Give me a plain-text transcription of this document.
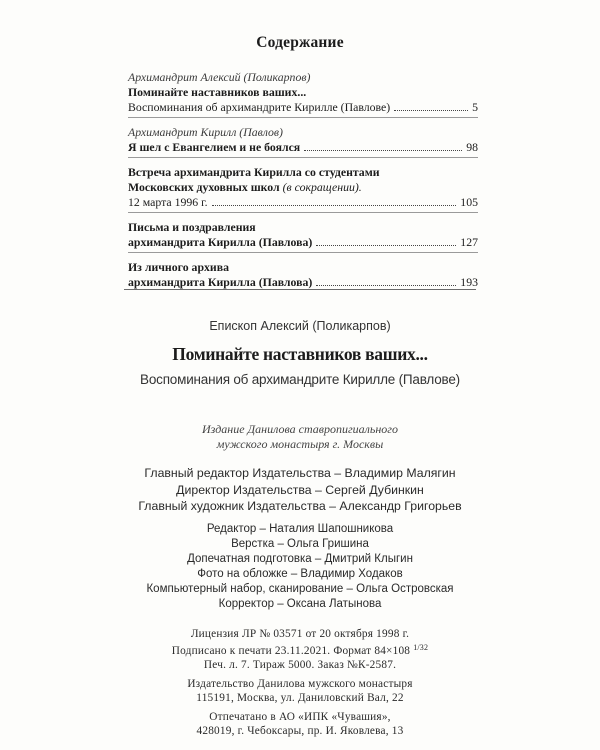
Содержание
Архимандрит Алексий (Поликарпов)
Поминайте наставников ваших...
Воспоминания об архимандрите Кирилле (Павлове)	5
Архимандрит Кирилл (Павлов)
Я шел с Евангелием и не боялся	98
Встреча архимандрита Кирилла со студентами
Московских духовных школ (в сокращении).
12 марта 1996 г.	105
Письма и поздравления
архимандрита Кирилла (Павлова)	127
Из личного архива
архимандрита Кирилла (Павлова)	193
Епископ Алексий (Поликарпов)
Поминайте наставников ваших...
Воспоминания об архимандрите Кирилле (Павлове)
Издание Данилова ставропигиального
мужского монастыря г. Москвы
Главный редактор Издательства – Владимир Малягин
Директор Издательства – Сергей Дубинкин
Главный художник Издательства – Александр Григорьев
Редактор – Наталия Шапошникова
Верстка – Ольга Гришина
Допечатная подготовка – Дмитрий Клыгин
Фото на обложке – Владимир Ходаков
Компьютерный набор, сканирование – Ольга Островская
Корректор – Оксана Латынова

Лицензия ЛР № 03571 от 20 октября 1998 г.

Подписано к печати 23.11.2021. Формат 84×108 $^{1/32}$

Печ. л. 7. Тираж 5000. Заказ №К-2587.

Издательство Данилова мужского монастыря

115191, Москва, ул. Даниловский Вал, 22

Отпечатано в АО «ИПК «Чувашия»,

428019, г. Чебоксары, пр. И. Яковлева, 13
